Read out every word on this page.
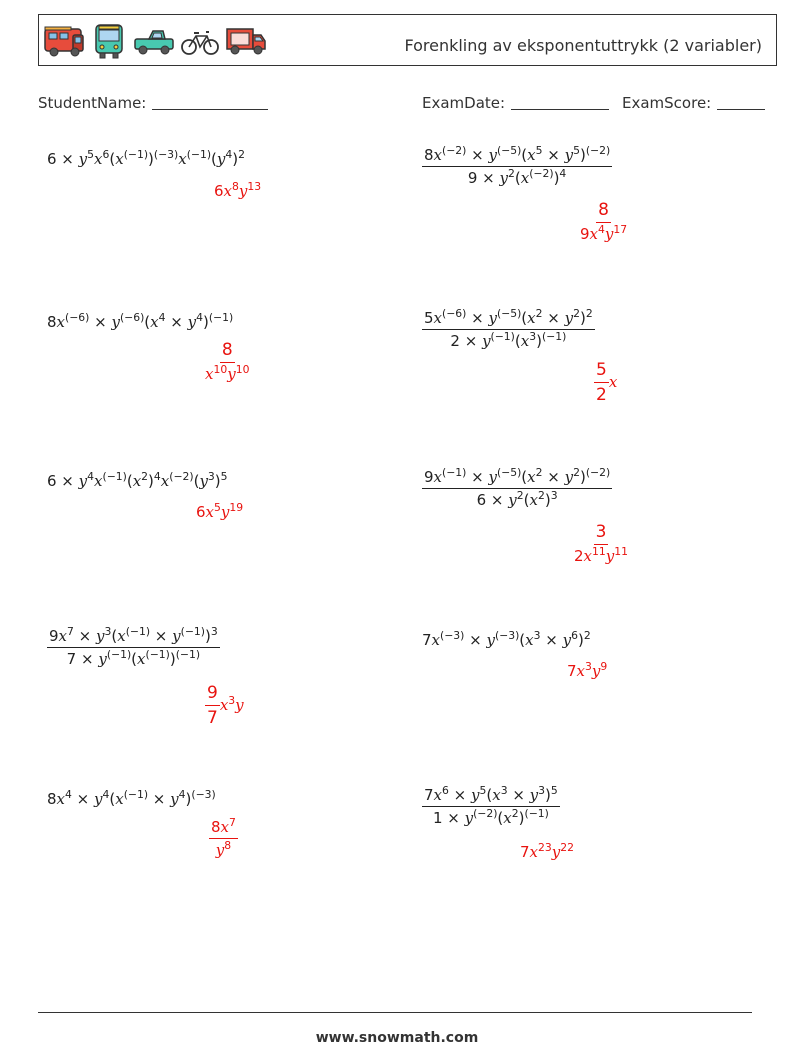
Forenkling av eksponentuttrykk (2 variabler)
StudentName:	ExamDate:	ExamScore:
$6 \times y^5x^6(x^{(-1)})^{(-3)}x^{(-1)}(y^4)^2$
$6x^8y^{13}$	$\frac{8x^{(-2)} \times y^{(-5)}(x^5 \times y^5)^{(-2)}}{9 \times y^2(x^{(-2)})^4}$
$\frac{8}{9x^4y^{17}}$
$8x^{(-6)} \times y^{(-6)}(x^4 \times y^4)^{(-1)}$
$\frac{8}{x^{10}y^{10}}$
$\frac{5x^{(-6)} \times y^{(-5)}(x^2 \times y^2)^2}{2 \times y^{(-1)}(x^3)^{(-1)}}$
$\frac{5}{2}$ x
$6 \times y^4x^{(-1)}(x^2)^4x^{(-2)}(y^3)^5$
$6x^5y^{19}$	$\frac{9x^{(-1)} \times y^{(-5)}(x^2 \times y^2)^{(-2)}}{6 \times y^2(x^2)^3}$
$\frac{3}{2x^{11}y^{11}}$
$\frac{9x^7 \times y^3(x^{(-1)} \times y^{(-1)})^3}{7 \times y^{(-1)}(x^{(-1)})^{(-1)}}$
$\frac{9}{7} x^3y$
$7x^{(-3)} \times y^{(-3)}(x^3 \times y^6)^2$
$7x^3y^9$
$8x^4 \times y^4(x^{(-1)} \times y^4)^{(-3)}$
$\frac{8x^7}{y^8}$
$\frac{7x^6 \times y^5(x^3 \times y^3)^5}{1 \times y^{(-2)}(x^2)^{(-1)}}$
$7x^{23}y^{22}$
www.snowmath.com
